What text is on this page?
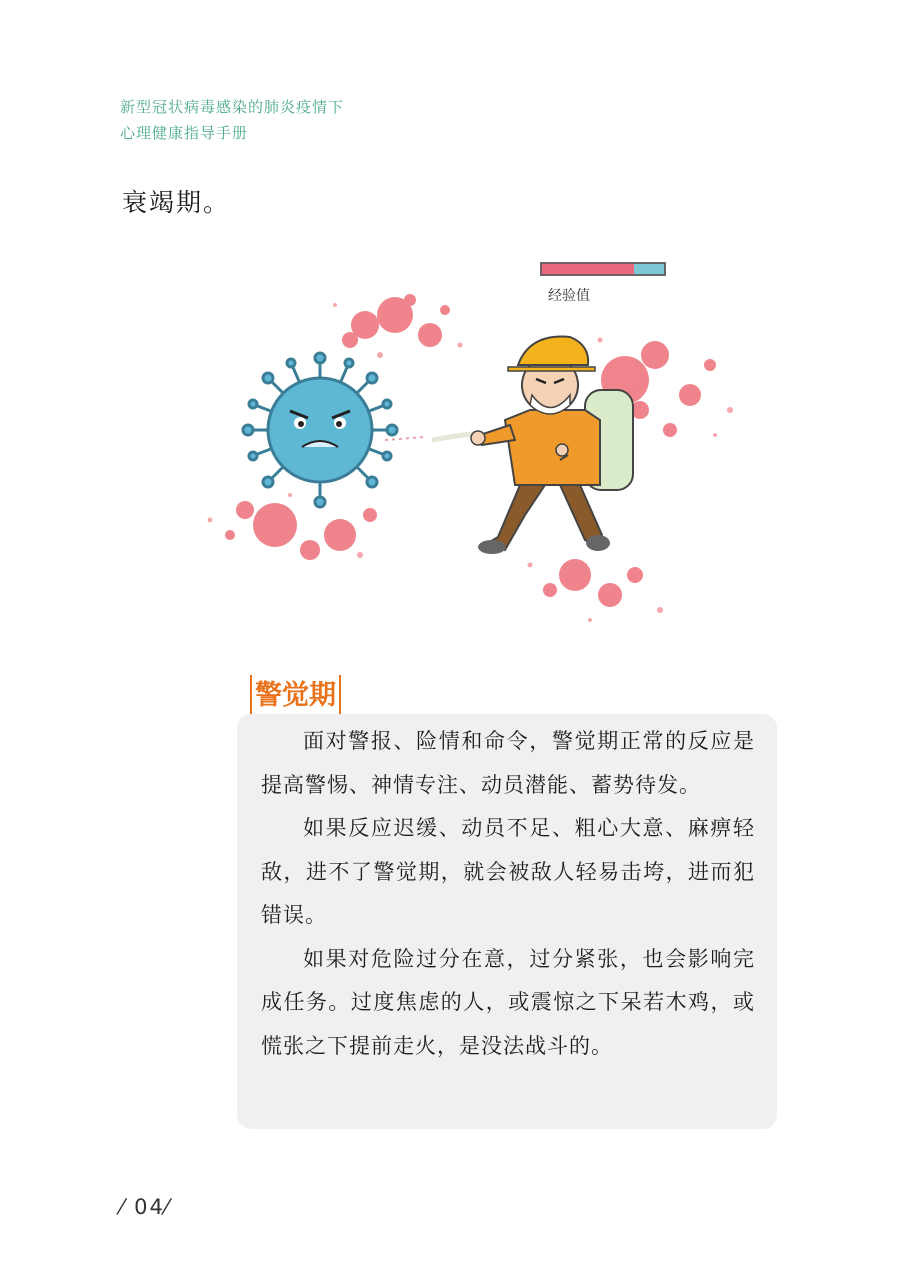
新型冠状病毒感染的肺炎疫情下
心理健康指导手册
衰竭期。
经验值
警觉期

面对警报、险情和命令，警觉期正常的反应是提高警惕、神情专注、动员潜能、蓄势待发。

如果反应迟缓、动员不足、粗心大意、麻痹轻敌，进不了警觉期，就会被敌人轻易击垮，进而犯错误。

如果对危险过分在意，过分紧张，也会影响完成任务。过度焦虑的人，或震惊之下呆若木鸡，或慌张之下提前走火，是没法战斗的。

⁄ 04⁄
